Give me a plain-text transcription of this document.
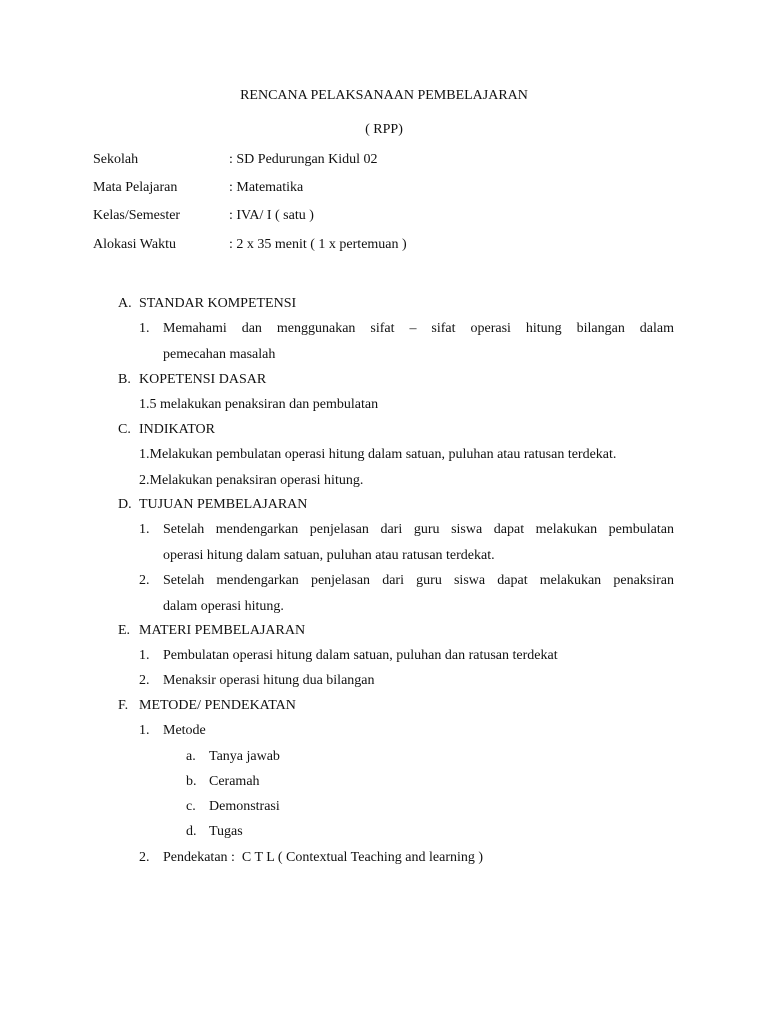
RENCANA PELAKSANAAN PEMBELAJARAN
( RPP)
Sekolah	: SD Pedurungan Kidul 02
Mata Pelajaran	: Matematika
Kelas/Semester	: IVA/ I ( satu )
Alokasi Waktu	: 2 x 35 menit ( 1 x pertemuan )
A. STANDAR KOMPETENSI
1. Memahami dan menggunakan sifat – sifat operasi hitung bilangan dalam
pemecahan masalah
B. KOPETENSI DASAR
1.5 melakukan penaksiran dan pembulatan
C. INDIKATOR
1.Melakukan pembulatan operasi hitung dalam satuan, puluhan atau ratusan terdekat.
2.Melakukan penaksiran operasi hitung.
D. TUJUAN PEMBELAJARAN
1. Setelah mendengarkan penjelasan dari guru siswa dapat melakukan pembulatan
operasi hitung dalam satuan, puluhan atau ratusan terdekat.
2. Setelah mendengarkan penjelasan dari guru siswa dapat melakukan penaksiran
dalam operasi hitung.
E. MATERI PEMBELAJARAN
1. Pembulatan operasi hitung dalam satuan, puluhan dan ratusan terdekat
2. Menaksir operasi hitung dua bilangan
F. METODE/ PENDEKATAN
1. Metode
a. Tanya jawab
b. Ceramah
c. Demonstrasi
d. Tugas
2. Pendekatan :  C T L ( Contextual Teaching and learning )
